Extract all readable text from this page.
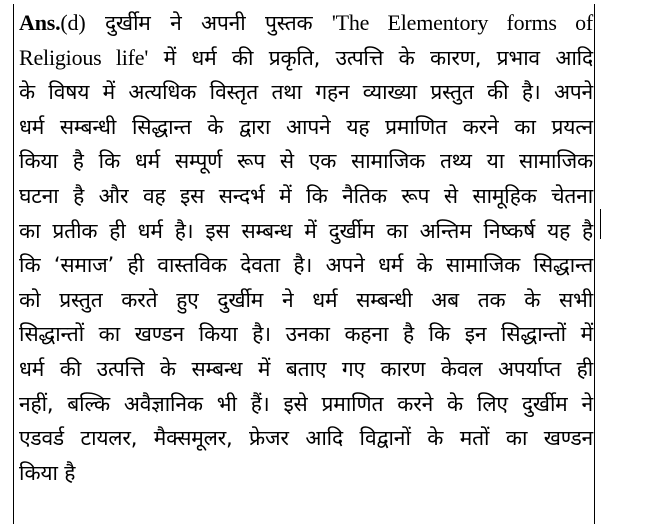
Ans.(d) दुर्खीम ने अपनी पुस्तक 'The Elementory forms of
Religious life' में धर्म की प्रकृति, उत्पत्ति के कारण, प्रभाव आदि
के विषय में अत्यधिक विस्तृत तथा गहन व्याख्या प्रस्तुत की है। अपने
धर्म सम्बन्धी सिद्धान्त के द्वारा आपने यह प्रमाणित करने का प्रयत्न
किया है कि धर्म सम्पूर्ण रूप से एक सामाजिक तथ्य या सामाजिक
घटना है और वह इस सन्दर्भ में कि नैतिक रूप से सामूहिक चेतना
का प्रतीक ही धर्म है। इस सम्बन्ध में दुर्खीम का अन्तिम निष्कर्ष यह है
कि ‘समाज’ ही वास्तविक देवता है। अपने धर्म के सामाजिक सिद्धान्त
को प्रस्तुत करते हुए दुर्खीम ने धर्म सम्बन्धी अब तक के सभी
सिद्धान्तों का खण्डन किया है। उनका कहना है कि इन सिद्धान्तों में
धर्म की उत्पत्ति के सम्बन्ध में बताए गए कारण केवल अपर्याप्त ही
नहीं, बल्कि अवैज्ञानिक भी हैं। इसे प्रमाणित करने के लिए दुर्खीम ने
एडवर्ड टायलर, मैक्समूलर, फ्रेजर आदि विद्वानों के मतों का खण्डन
किया है
